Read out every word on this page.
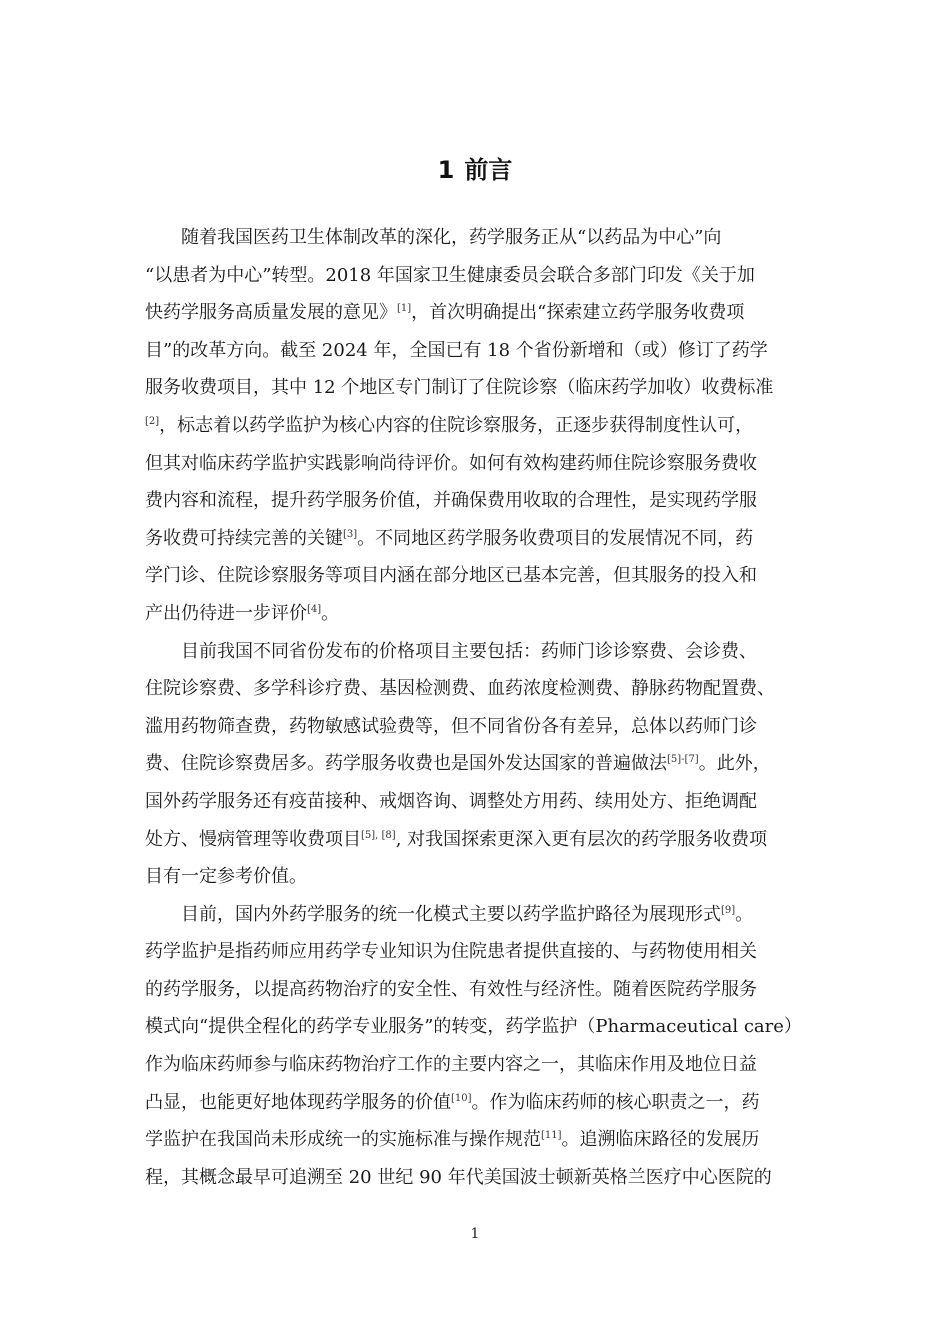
1 前言
随着我国医药卫生体制改革的深化，药学服务正从“以药品为中心”向
“以患者为中心”转型。2018 年国家卫生健康委员会联合多部门印发《关于加
快药学服务高质量发展的意见》[1]，首次明确提出“探索建立药学服务收费项
目”的改革方向。截至 2024 年，全国已有 18 个省份新增和（或）修订了药学
服务收费项目，其中 12 个地区专门制订了住院诊察（临床药学加收）收费标准
[2]，标志着以药学监护为核心内容的住院诊察服务，正逐步获得制度性认可，
但其对临床药学监护实践影响尚待评价。如何有效构建药师住院诊察服务费收
费内容和流程，提升药学服务价值，并确保费用收取的合理性，是实现药学服
务收费可持续完善的关键[3]。不同地区药学服务收费项目的发展情况不同，药
学门诊、住院诊察服务等项目内涵在部分地区已基本完善，但其服务的投入和
产出仍待进一步评价[4]。
目前我国不同省份发布的价格项目主要包括：药师门诊诊察费、会诊费、
住院诊察费、多学科诊疗费、基因检测费、血药浓度检测费、静脉药物配置费、
滥用药物筛查费，药物敏感试验费等，但不同省份各有差异，总体以药师门诊
费、住院诊察费居多。药学服务收费也是国外发达国家的普遍做法[5]-[7]。此外，
国外药学服务还有疫苗接种、戒烟咨询、调整处方用药、续用处方、拒绝调配
处方、慢病管理等收费项目[5], [8], 对我国探索更深入更有层次的药学服务收费项
目有一定参考价值。
目前，国内外药学服务的统一化模式主要以药学监护路径为展现形式[9]。
药学监护是指药师应用药学专业知识为住院患者提供直接的、与药物使用相关
的药学服务，以提高药物治疗的安全性、有效性与经济性。随着医院药学服务
模式向“提供全程化的药学专业服务”的转变，药学监护（Pharmaceutical care）
作为临床药师参与临床药物治疗工作的主要内容之一，其临床作用及地位日益
凸显，也能更好地体现药学服务的价值[10]。作为临床药师的核心职责之一，药
学监护在我国尚未形成统一的实施标准与操作规范[11]。追溯临床路径的发展历
程，其概念最早可追溯至 20 世纪 90 年代美国波士顿新英格兰医疗中心医院的
1
